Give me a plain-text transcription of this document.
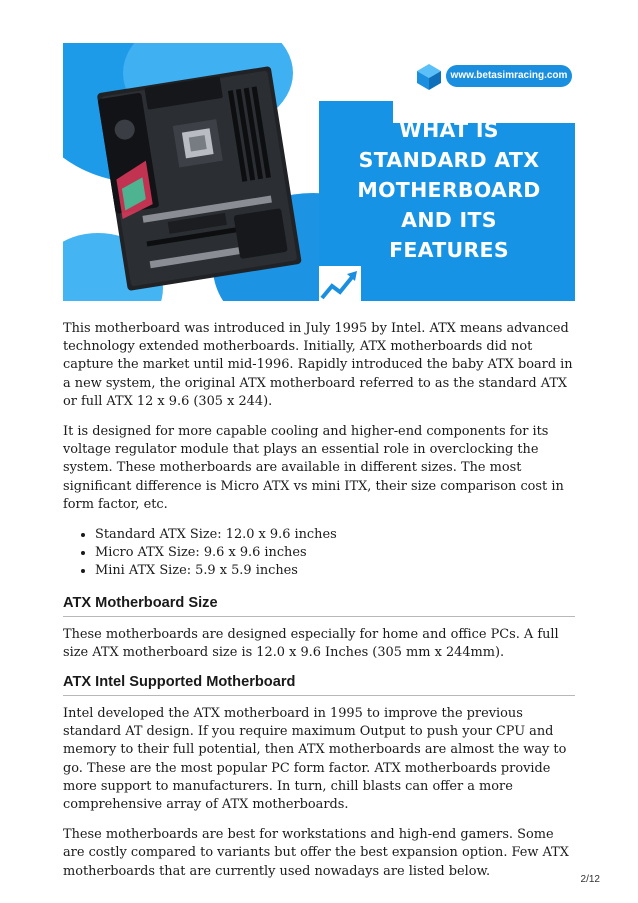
www.betasimracing.com
WHAT IS
STANDARD ATX
MOTHERBOARD
AND ITS
FEATURES

This motherboard was introduced in July 1995 by Intel. ATX means advanced technology extended motherboards. Initially, ATX motherboards did not capture the market until mid-1996. Rapidly introduced the baby ATX board in a new system, the original ATX motherboard referred to as the standard ATX or full ATX 12 x 9.6 (305 x 244).

It is designed for more capable cooling and higher-end components for its voltage regulator module that plays an essential role in overclocking the system. These motherboards are available in different sizes. The most significant difference is Micro ATX vs mini ITX, their size comparison cost in form factor, etc.

• Standard ATX Size: 12.0 x 9.6 inches
• Micro ATX Size: 9.6 x 9.6 inches
• Mini ATX Size: 5.9 x 5.9 inches
ATX Motherboard Size

These motherboards are designed especially for home and office PCs. A full size ATX motherboard size is 12.0 x 9.6 Inches (305 mm x 244mm).

ATX Intel Supported Motherboard

Intel developed the ATX motherboard in 1995 to improve the previous standard AT design. If you require maximum Output to push your CPU and memory to their full potential, then ATX motherboards are almost the way to go. These are the most popular PC form factor. ATX motherboards provide more support to manufacturers. In turn, chill blasts can offer a more comprehensive array of ATX motherboards.

These motherboards are best for workstations and high-end gamers. Some are costly compared to variants but offer the best expansion option. Few ATX motherboards that are currently used nowadays are listed below.

2/12
